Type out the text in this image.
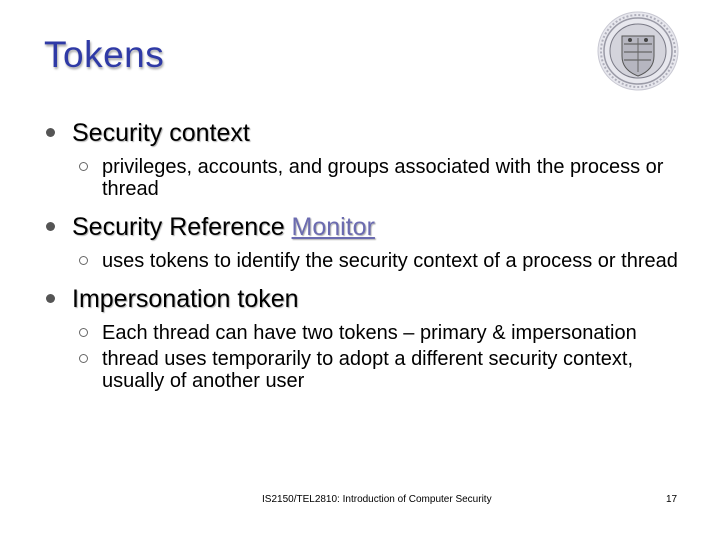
Tokens
Security context
privileges, accounts, and groups associated with the process or thread
Security Reference Monitor
uses tokens to identify the security context of a process or thread
Impersonation token
Each thread can have two tokens – primary & impersonation
thread uses temporarily to adopt a different security context, usually of another user
IS2150/TEL2810: Introduction of Computer Security	17
